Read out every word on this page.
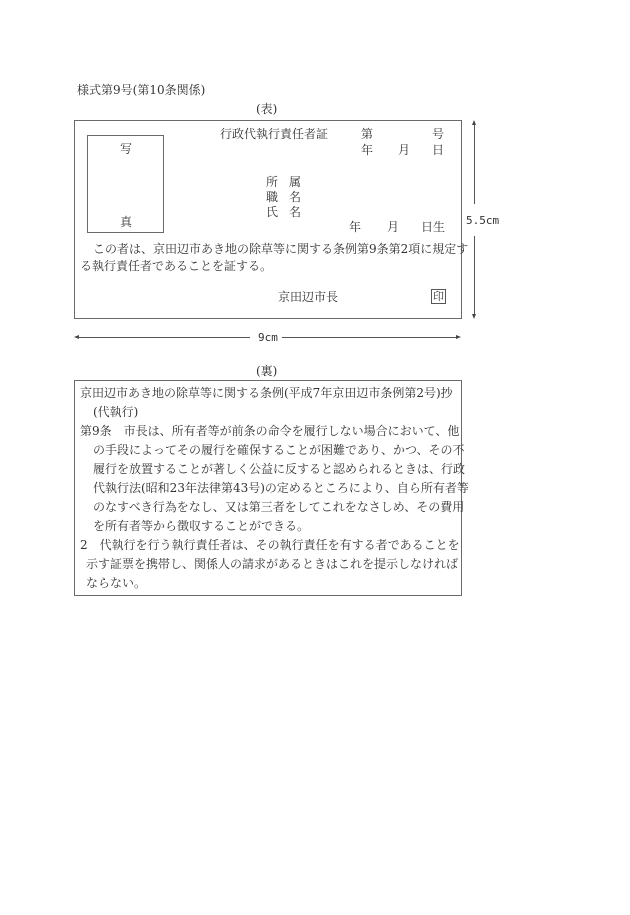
様式第9号(第10条関係)
(表)
写
真
行政代執行責任者証	第	号
年 月 日
所 属
職 名
氏 名
年 月 日生
この者は、京田辺市あき地の除草等に関する条例第9条第2項に規定す
る執行責任者であることを証する。
京田辺市長	印
5.5cm
9cm
(裏)
京田辺市あき地の除草等に関する条例(平成7年京田辺市条例第2号)抄
(代執行)
第9条　市長は、所有者等が前条の命令を履行しない場合において、他
の手段によってその履行を確保することが困難であり、かつ、その不
履行を放置することが著しく公益に反すると認められるときは、行政
代執行法(昭和23年法律第43号)の定めるところにより、自ら所有者等
のなすべき行為をなし、又は第三者をしてこれをなさしめ、その費用
を所有者等から徴収することができる。
2　代執行を行う執行責任者は、その執行責任を有する者であることを
示す証票を携帯し、関係人の請求があるときはこれを提示しなければ
ならない。
